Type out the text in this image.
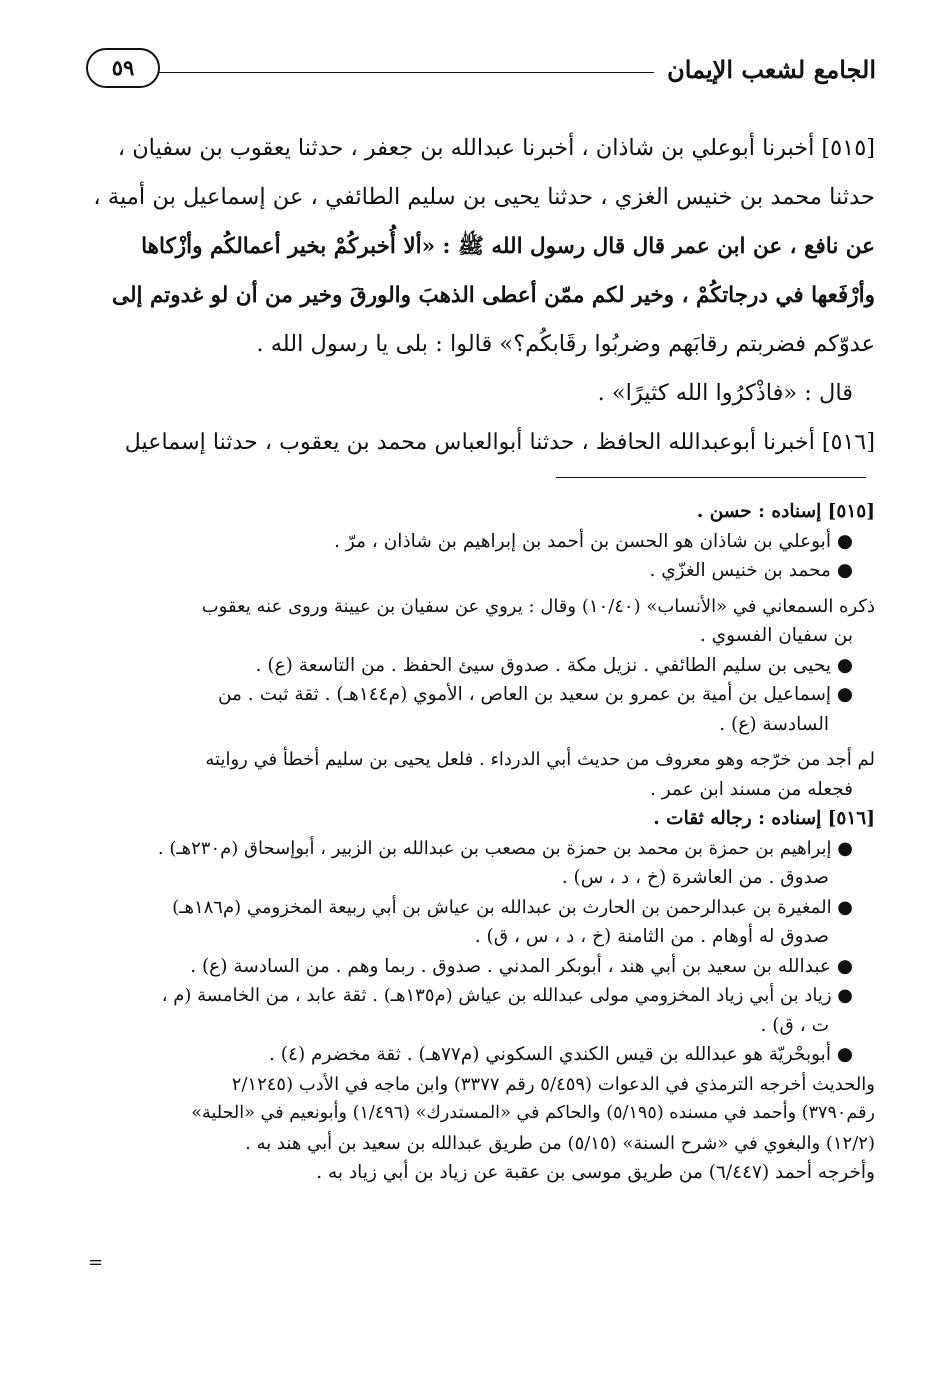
الجامع لشعب الإيمان
٥٩
[٥١٥] أخبرنا أبوعلي بن شاذان ، أخبرنا عبدالله بن جعفر ، حدثنا يعقوب بن سفيان ،
حدثنا محمد بن خنيس الغزي ، حدثنا يحيى بن سليم الطائفي ، عن إسماعيل بن أمية ،
عن نافع ، عن ابن عمر قال قال رسول الله ﷺ : «ألا أُخبركُمْ بخير أعمالكُم وأزْكاها
وأرْفَعها في درجاتكُمْ ، وخير لكم ممّن أعطى الذهبَ والورقَ وخير من أن لو غدوتم إلى
عدوّكم فضربتم رقابَهم وضربُوا رقَابكُم؟» قالوا : بلى يا رسول الله .
قال : «فاذْكرُوا الله كثيرًا» .
[٥١٦] أخبرنا أبوعبدالله الحافظ ، حدثنا أبوالعباس محمد بن يعقوب ، حدثنا إسماعيل
[٥١٥] إسناده : حسن .
● أبوعلي بن شاذان هو الحسن بن أحمد بن إبراهيم بن شاذان ، مرّ .
● محمد بن خنيس الغزّي .
ذكره السمعاني في «الأنساب» (١٠/٤٠) وقال : يروي عن سفيان بن عيينة وروى عنه يعقوب
بن سفيان الفسوي .
● يحيى بن سليم الطائفي . نزيل مكة . صدوق سيئ الحفظ . من التاسعة (ع) .
● إسماعيل بن أمية بن عمرو بن سعيد بن العاص ، الأموي (م١٤٤هـ) . ثقة ثبت . من
السادسة (ع) .
لم أجد من خرّجه وهو معروف من حديث أبي الدرداء . فلعل يحيى بن سليم أخطأ في روايته
فجعله من مسند ابن عمر .
[٥١٦] إسناده : رجاله ثقات .
● إبراهيم بن حمزة بن محمد بن حمزة بن مصعب بن عبدالله بن الزبير ، أبوإسحاق (م٢٣٠هـ) .
صدوق . من العاشرة (خ ، د ، س) .
● المغيرة بن عبدالرحمن بن الحارث بن عبدالله بن عياش بن أبي ربيعة المخزومي (م١٨٦هـ)
صدوق له أوهام . من الثامنة (خ ، د ، س ، ق) .
● عبدالله بن سعيد بن أبي هند ، أبوبكر المدني . صدوق . ربما وهم . من السادسة (ع) .
● زياد بن أبي زياد المخزومي مولى عبدالله بن عياش (م١٣٥هـ) . ثقة عابد ، من الخامسة (م ،
ت ، ق) .
● أبوبحْريّة هو عبدالله بن قيس الكندي السكوني (م٧٧هـ) . ثقة مخضرم (٤) .
والحديث أخرجه الترمذي في الدعوات (٥/٤٥٩ رقم ٣٣٧٧) وابن ماجه في الأدب (٢/١٢٤٥
رقم٣٧٩٠) وأحمد في مسنده (٥/١٩٥) والحاكم في «المستدرك» (١/٤٩٦) وأبونعيم في «الحلية»
(١٢/٢) والبغوي في «شرح السنة» (٥/١٥) من طريق عبدالله بن سعيد بن أبي هند به .
وأخرجه أحمد (٦/٤٤٧) من طريق موسى بن عقبة عن زياد بن أبي زياد به .
=
